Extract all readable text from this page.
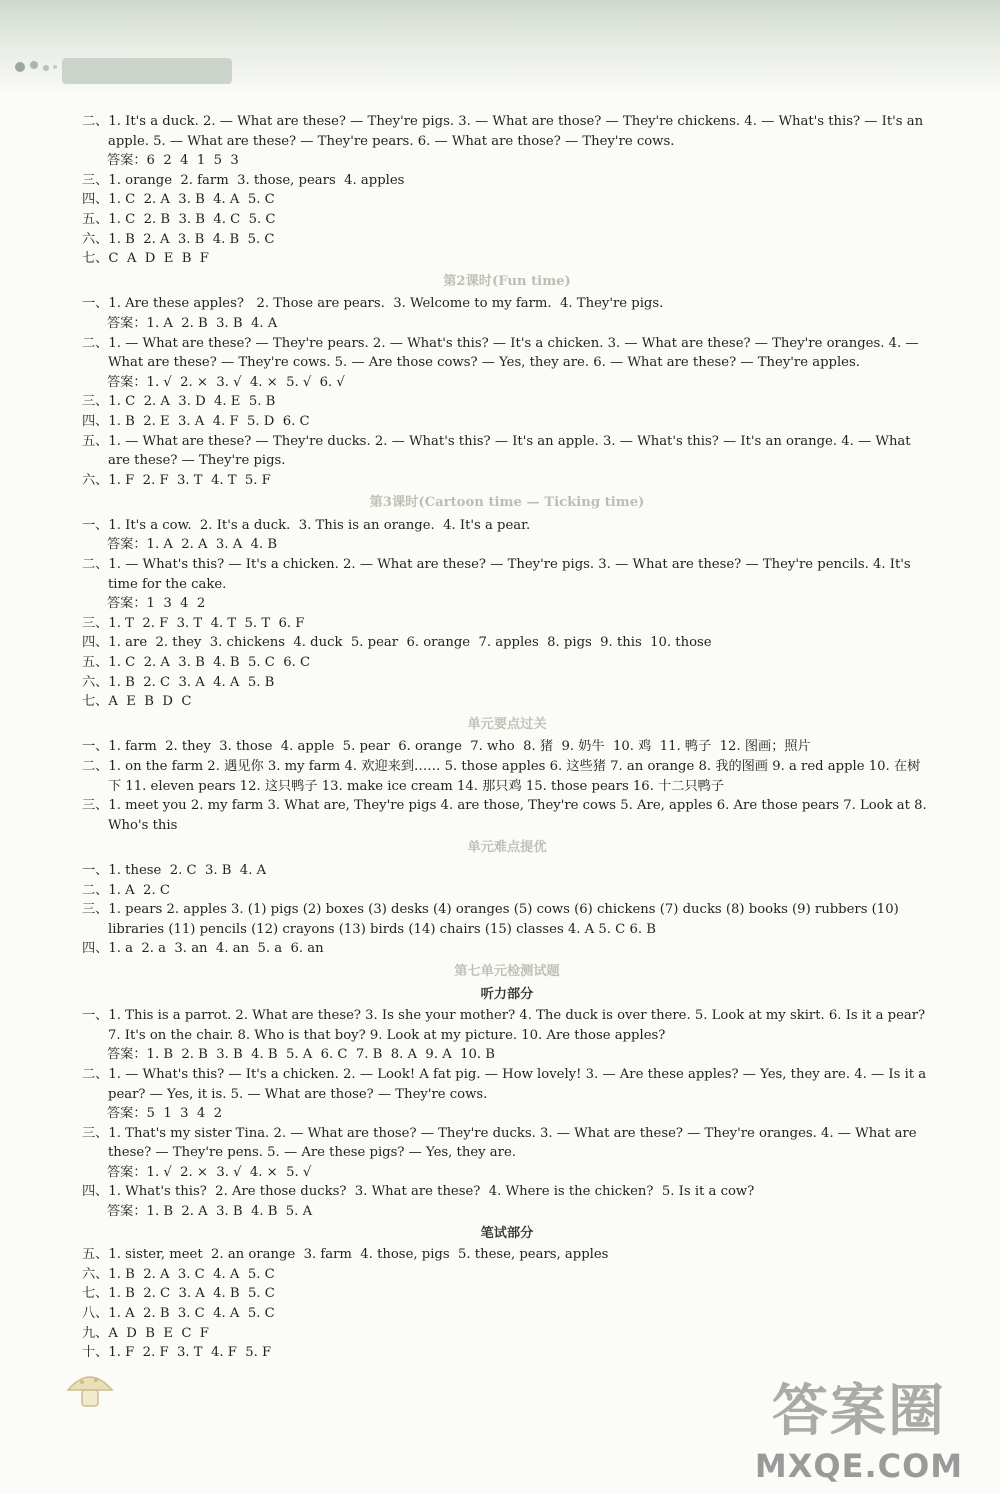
二、1. It's a duck. 2. — What are these? — They're pigs. 3. — What are those? — They're chickens. 4. — What's this? — It's an apple. 5. — What are these? — They're pears. 6. — What are those? — They're cows.
答案：6  2  4  1  5  3
三、1. orange  2. farm  3. those, pears  4. apples
四、1. C  2. A  3. B  4. A  5. C
五、1. C  2. B  3. B  4. C  5. C
六、1. B  2. A  3. B  4. B  5. C
七、C  A  D  E  B  F
第2课时(Fun time)
一、1. Are these apples?   2. Those are pears.  3. Welcome to my farm.  4. They're pigs.
答案：1. A  2. B  3. B  4. A
二、1. — What are these? — They're pears. 2. — What's this? — It's a chicken. 3. — What are these? — They're oranges. 4. — What are these? — They're cows. 5. — Are those cows? — Yes, they are. 6. — What are these? — They're apples.
答案：1. √  2. ×  3. √  4. ×  5. √  6. √
三、1. C  2. A  3. D  4. E  5. B
四、1. B  2. E  3. A  4. F  5. D  6. C
五、1. — What are these? — They're ducks. 2. — What's this? — It's an apple. 3. — What's this? — It's an orange. 4. — What are these? — They're pigs.
六、1. F  2. F  3. T  4. T  5. F
第3课时(Cartoon time — Ticking time)
一、1. It's a cow.  2. It's a duck.  3. This is an orange.  4. It's a pear.
答案：1. A  2. A  3. A  4. B
二、1. — What's this? — It's a chicken. 2. — What are these? — They're pigs. 3. — What are these? — They're pencils. 4. It's time for the cake.
答案：1  3  4  2
三、1. T  2. F  3. T  4. T  5. T  6. F
四、1. are  2. they  3. chickens  4. duck  5. pear  6. orange  7. apples  8. pigs  9. this  10. those
五、1. C  2. A  3. B  4. B  5. C  6. C
六、1. B  2. C  3. A  4. A  5. B
七、A  E  B  D  C
单元要点过关
一、1. farm  2. they  3. those  4. apple  5. pear  6. orange  7. who  8. 猪  9. 奶牛  10. 鸡  11. 鸭子  12. 图画；照片
二、1. on the farm 2. 遇见你 3. my farm 4. 欢迎来到…… 5. those apples 6. 这些猪 7. an orange 8. 我的图画 9. a red apple 10. 在树下 11. eleven pears 12. 这只鸭子 13. make ice cream 14. 那只鸡 15. those pears 16. 十二只鸭子
三、1. meet you 2. my farm 3. What are, They're pigs 4. are those, They're cows 5. Are, apples 6. Are those pears 7. Look at 8. Who's this
单元难点提优
一、1. these  2. C  3. B  4. A
二、1. A  2. C
三、1. pears 2. apples 3. (1) pigs (2) boxes (3) desks (4) oranges (5) cows (6) chickens (7) ducks (8) books (9) rubbers (10) libraries (11) pencils (12) crayons (13) birds (14) chairs (15) classes 4. A 5. C 6. B
四、1. a  2. a  3. an  4. an  5. a  6. an
第七单元检测试题
听力部分
一、1. This is a parrot. 2. What are these? 3. Is she your mother? 4. The duck is over there. 5. Look at my skirt. 6. Is it a pear? 7. It's on the chair. 8. Who is that boy? 9. Look at my picture. 10. Are those apples?
答案：1. B  2. B  3. B  4. B  5. A  6. C  7. B  8. A  9. A  10. B
二、1. — What's this? — It's a chicken. 2. — Look! A fat pig. — How lovely! 3. — Are these apples? — Yes, they are. 4. — Is it a pear? — Yes, it is. 5. — What are those? — They're cows.
答案：5  1  3  4  2
三、1. That's my sister Tina. 2. — What are those? — They're ducks. 3. — What are these? — They're oranges. 4. — What are these? — They're pens. 5. — Are these pigs? — Yes, they are.
答案：1. √  2. ×  3. √  4. ×  5. √
四、1. What's this?  2. Are those ducks?  3. What are these?  4. Where is the chicken?  5. Is it a cow?
答案：1. B  2. A  3. B  4. B  5. A
笔试部分
五、1. sister, meet  2. an orange  3. farm  4. those, pigs  5. these, pears, apples
六、1. B  2. A  3. C  4. A  5. C
七、1. B  2. C  3. A  4. B  5. C
八、1. A  2. B  3. C  4. A  5. C
九、A  D  B  E  C  F
十、1. F  2. F  3. T  4. F  5. F
答案圈
MXQE.COM
